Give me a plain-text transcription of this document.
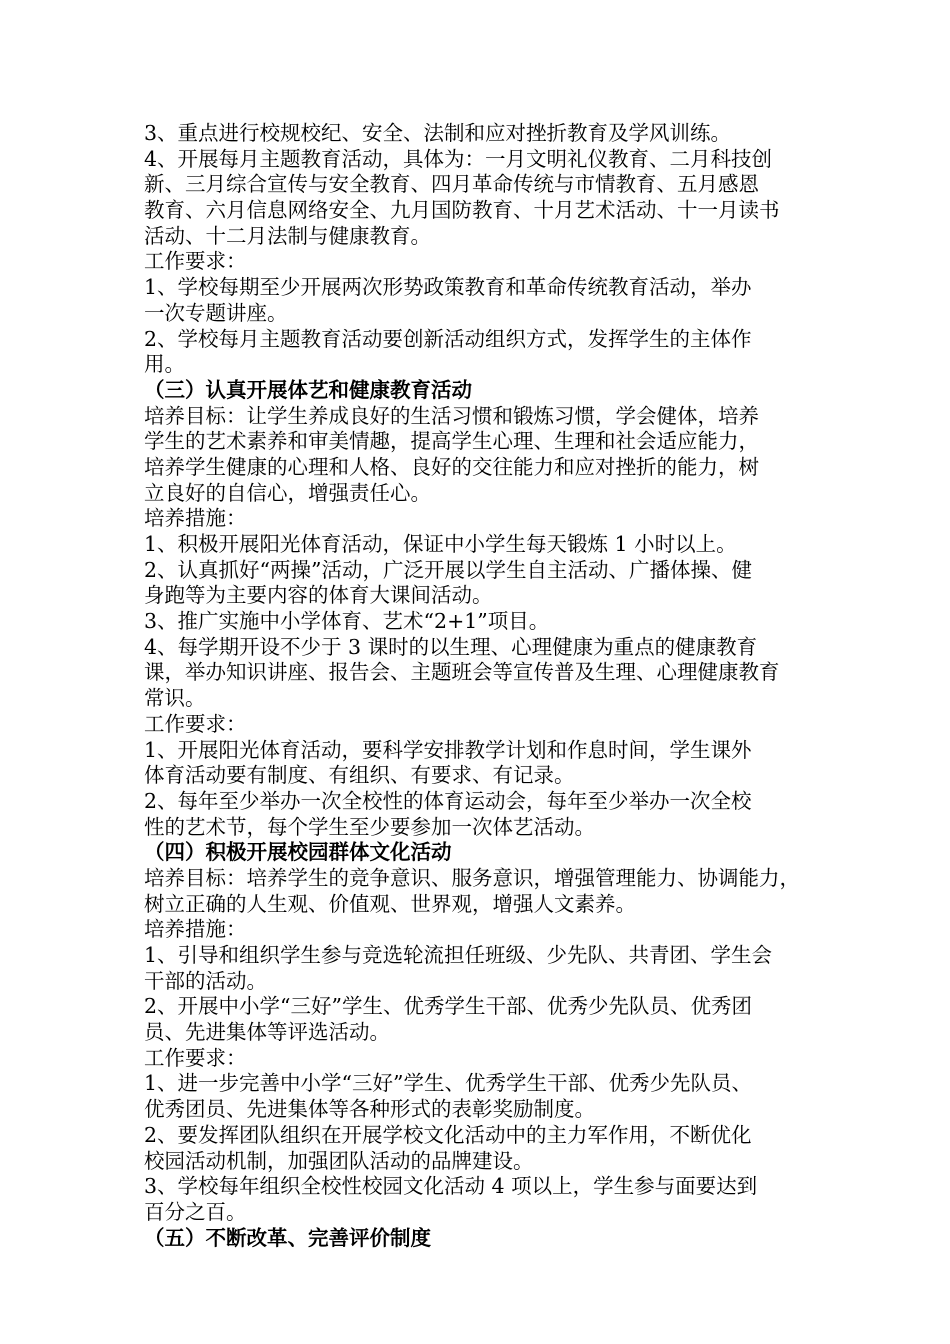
3、重点进行校规校纪、安全、法制和应对挫折教育及学风训练。
4、开展每月主题教育活动，具体为：一月文明礼仪教育、二月科技创
新、三月综合宣传与安全教育、四月革命传统与市情教育、五月感恩
教育、六月信息网络安全、九月国防教育、十月艺术活动、十一月读书
活动、十二月法制与健康教育。
工作要求：
1、学校每期至少开展两次形势政策教育和革命传统教育活动，举办
一次专题讲座。
2、学校每月主题教育活动要创新活动组织方式，发挥学生的主体作
用。
（三）认真开展体艺和健康教育活动
培养目标：让学生养成良好的生活习惯和锻炼习惯，学会健体，培养
学生的艺术素养和审美情趣，提高学生心理、生理和社会适应能力，
培养学生健康的心理和人格、良好的交往能力和应对挫折的能力，树
立良好的自信心，增强责任心。
培养措施：
1、积极开展阳光体育活动，保证中小学生每天锻炼 1 小时以上。
2、认真抓好“两操”活动，广泛开展以学生自主活动、广播体操、健
身跑等为主要内容的体育大课间活动。
3、推广实施中小学体育、艺术“2+1”项目。
4、每学期开设不少于 3 课时的以生理、心理健康为重点的健康教育
课，举办知识讲座、报告会、主题班会等宣传普及生理、心理健康教育
常识。
工作要求：
1、开展阳光体育活动，要科学安排教学计划和作息时间，学生课外
体育活动要有制度、有组织、有要求、有记录。
2、每年至少举办一次全校性的体育运动会，每年至少举办一次全校
性的艺术节，每个学生至少要参加一次体艺活动。
（四）积极开展校园群体文化活动
培养目标：培养学生的竞争意识、服务意识，增强管理能力、协调能力，
树立正确的人生观、价值观、世界观，增强人文素养。
培养措施：
1、引导和组织学生参与竞选轮流担任班级、少先队、共青团、学生会
干部的活动。
2、开展中小学“三好”学生、优秀学生干部、优秀少先队员、优秀团
员、先进集体等评选活动。
工作要求：
1、进一步完善中小学“三好”学生、优秀学生干部、优秀少先队员、
优秀团员、先进集体等各种形式的表彰奖励制度。
2、要发挥团队组织在开展学校文化活动中的主力军作用，不断优化
校园活动机制，加强团队活动的品牌建设。
3、学校每年组织全校性校园文化活动 4 项以上，学生参与面要达到
百分之百。
（五）不断改革、完善评价制度
